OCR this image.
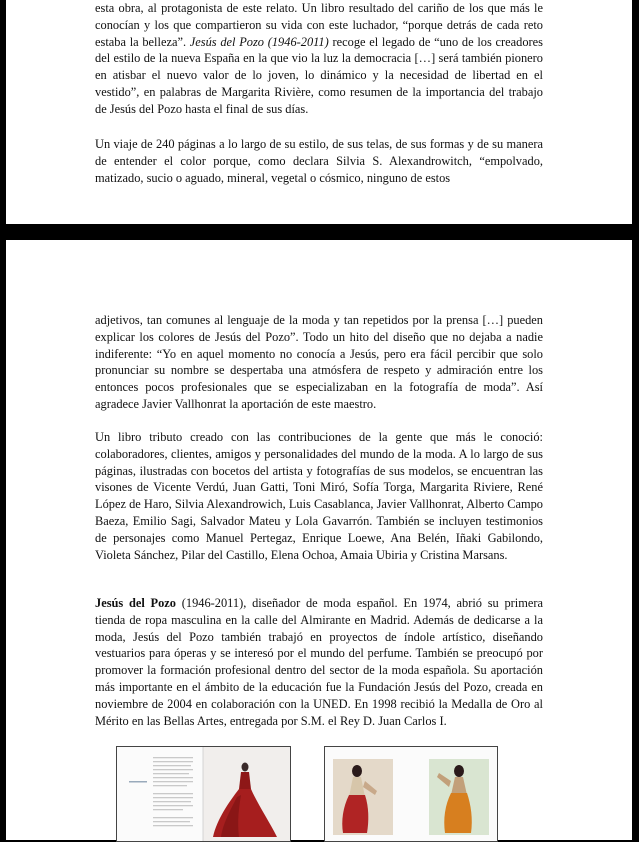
esta obra, al protagonista de este relato. Un libro resultado del cariño de los que más le conocían y los que compartieron su vida con este luchador, “porque detrás de cada reto estaba la belleza”. Jesús del Pozo (1946-2011) recoge el legado de “uno de los creadores del estilo de la nueva España en la que vio la luz la democracia […] será también pionero en atisbar el nuevo valor de lo joven, lo dinámico y la necesidad de libertad en el vestido”, en palabras de Margarita Rivière, como resumen de la importancia del trabajo de Jesús del Pozo hasta el final de sus días.

Un viaje de 240 páginas a lo largo de su estilo, de sus telas, de sus formas y de su manera de entender el color porque, como declara Silvia S. Alexandrowitch, “empolvado, matizado, sucio o aguado, mineral, vegetal o cósmico, ninguno de estos

adjetivos, tan comunes al lenguaje de la moda y tan repetidos por la prensa […] pueden explicar los colores de Jesús del Pozo”. Todo un hito del diseño que no dejaba a nadie indiferente: “Yo en aquel momento no conocía a Jesús, pero era fácil percibir que solo pronunciar su nombre se despertaba una atmósfera de respeto y admiración entre los entonces pocos profesionales que se especializaban en la fotografía de moda”. Así agradece Javier Vallhonrat la aportación de este maestro.

Un libro tributo creado con las contribuciones de la gente que más le conoció: colaboradores, clientes, amigos y personalidades del mundo de la moda. A lo largo de sus páginas, ilustradas con bocetos del artista y fotografías de sus modelos, se encuentran las visones de Vicente Verdú, Juan Gatti, Toni Miró, Sofía Torga, Margarita Riviere, René López de Haro, Silvia Alexandrowich, Luis Casablanca, Javier Vallhonrat, Alberto Campo Baeza, Emilio Sagi, Salvador Mateu y Lola Gavarrón. También se incluyen testimonios de personajes como Manuel Pertegaz, Enrique Loewe, Ana Belén, Iñaki Gabilondo, Violeta Sánchez, Pilar del Castillo, Elena Ochoa, Amaia Ubiria y Cristina Marsans.

Jesús del Pozo (1946-2011), diseñador de moda español. En 1974, abrió su primera tienda de ropa masculina en la calle del Almirante en Madrid. Además de dedicarse a la moda, Jesús del Pozo también trabajó en proyectos de índole artístico, diseñando vestuarios para óperas y se interesó por el mundo del perfume. También se preocupó por promover la formación profesional dentro del sector de la moda española. Su aportación más importante en el ámbito de la educación fue la Fundación Jesús del Pozo, creada en noviembre de 2004 en colaboración con la UNED. En 1998 recibió la Medalla de Oro al Mérito en las Bellas Artes, entregada por S.M. el Rey D. Juan Carlos I.
